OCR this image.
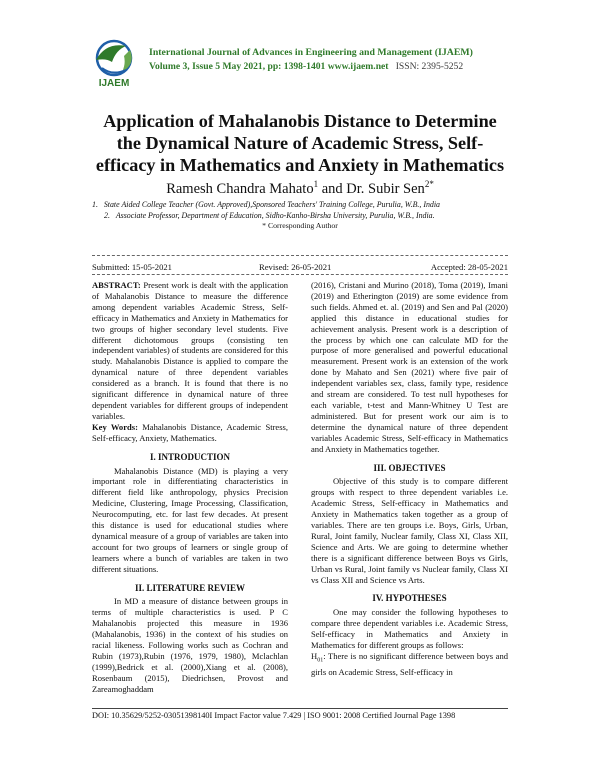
IJAEM
International Journal of Advances in Engineering and Management (IJAEM)
Volume 3, Issue 5 May 2021, pp: 1398-1401 www.ijaem.net ISSN: 2395-5252
Application of Mahalanobis Distance to Determine
the Dynamical Nature of Academic Stress, Self-
efficacy in Mathematics and Anxiety in Mathematics
Ramesh Chandra Mahato$^1$ and Dr. Subir Sen$^{2*}$
1. State Aided College Teacher (Govt. Approved),Sponsored Teachers' Training College, Purulia, W.B., India
2. Associate Professor, Department of Education, Sidho-Kanho-Birsha University, Purulia, W.B., India.
* Corresponding Author
Submitted: 15-05-2021	Revised: 26-05-2021	Accepted: 28-05-2021

ABSTRACT: Present work is dealt with the application of Mahalanobis Distance to measure the difference among dependent variables Academic Stress, Self-efficacy in Mathematics and Anxiety in Mathematics for two groups of higher secondary level students. Five different dichotomous groups (consisting ten independent variables) of students are considered for this study. Mahalanobis Distance is applied to compare the dynamical nature of three dependent variables considered as a branch. It is found that there is no significant difference in dynamical nature of three dependent variables for different groups of independent variables.

Key Words: Mahalanobis Distance, Academic Stress, Self-efficacy, Anxiety, Mathematics.

I. INTRODUCTION

Mahalanobis Distance (MD) is playing a very important role in differentiating characteristics in different field like anthropology, physics Precision Medicine, Clustering, Image Processing, Classification, Neurocomputing, etc. for last few decades. At present this distance is used for educational studies where dynamical measure of a group of variables are taken into account for two groups of learners or single group of learners where a bunch of variables are taken in two different situations.

II. LITERATURE REVIEW

In MD a measure of distance between groups in terms of multiple characteristics is used. P C Mahalanobis projected this measure in 1936 (Mahalanobis, 1936) in the context of his studies on racial likeness. Following works such as Cochran and Rubin (1973),Rubin (1976, 1979, 1980), Mclachlan (1999),Bedrick et al. (2000),Xiang et al. (2008), Rosenbaum (2015), Diedrichsen, Provost and Zareamoghaddam

(2016), Cristani and Murino (2018), Toma (2019), Imani (2019) and Etherington (2019) are some evidence from such fields. Ahmed et. al. (2019) and Sen and Pal (2020) applied this distance in educational studies for achievement analysis. Present work is a description of the process by which one can calculate MD for the purpose of more generalised and powerful educational measurement. Present work is an extension of the work done by Mahato and Sen (2021) where five pair of independent variables sex, class, family type, residence and stream are considered. To test null hypotheses for each variable, t-test and Mann-Whitney U Test are administered. But for present work our aim is to determine the dynamical nature of three dependent variables Academic Stress, Self-efficacy in Mathematics and Anxiety in Mathematics together.

III. OBJECTIVES

Objective of this study is to compare different groups with respect to three dependent variables i.e. Academic Stress, Self-efficacy in Mathematics and Anxiety in Mathematics taken together as a group of variables. There are ten groups i.e. Boys, Girls, Urban, Rural, Joint family, Nuclear family, Class XI, Class XII, Science and Arts. We are going to determine whether there is a significant difference between Boys vs Girls, Urban vs Rural, Joint family vs Nuclear family, Class XI vs Class XII and Science vs Arts.

IV. HYPOTHESES

One may consider the following hypotheses to compare three dependent variables i.e. Academic Stress, Self-efficacy in Mathematics and Anxiety in Mathematics for different groups as follows:

$H_{01}$: There is no significant difference between boys and girls on Academic Stress, Self-efficacy in

DOI: 10.35629/5252-03051398140I Impact Factor value 7.429 | ISO 9001: 2008 Certified Journal Page 1398
